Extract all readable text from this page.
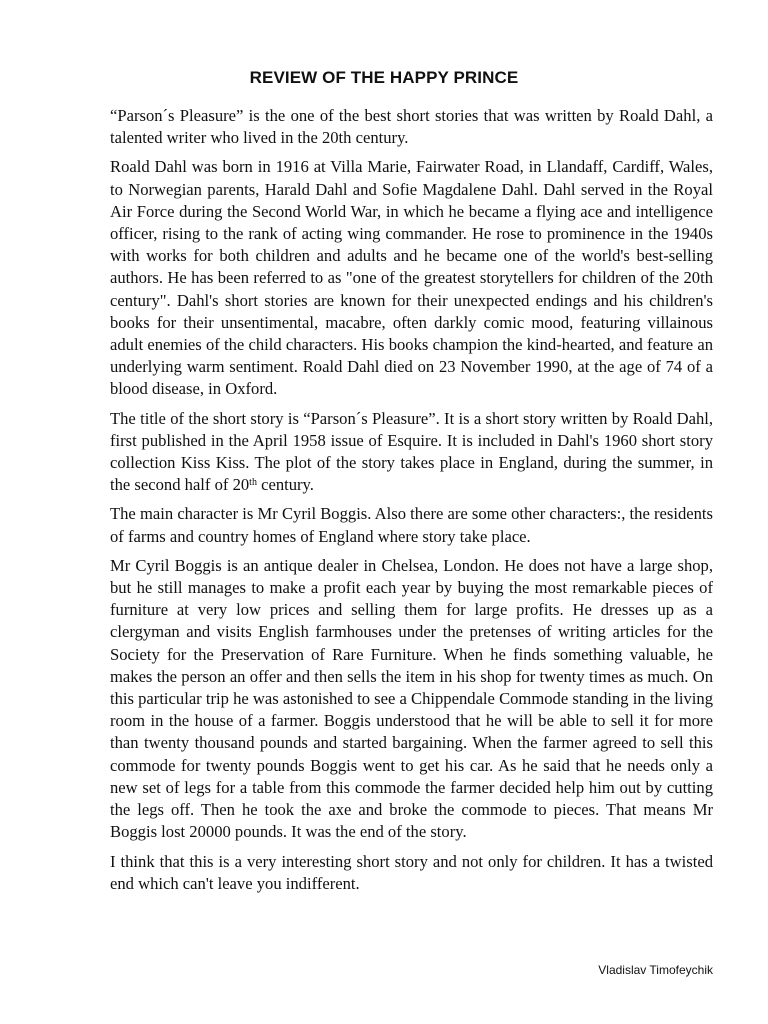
REVIEW OF THE HAPPY PRINCE

“Parson´s Pleasure” is the one of the best short stories that was written by Roald Dahl, a talented writer who lived in the 20th century.

Roald Dahl was born in 1916 at Villa Marie, Fairwater Road, in Llandaff, Cardiff, Wales, to Norwegian parents, Harald Dahl and Sofie Magdalene Dahl. Dahl served in the Royal Air Force during the Second World War, in which he became a flying ace and intelligence officer, rising to the rank of acting wing commander. He rose to prominence in the 1940s with works for both children and adults and he became one of the world's best-selling authors. He has been referred to as "one of the greatest storytellers for children of the 20th century". Dahl's short stories are known for their unexpected endings and his children's books for their unsentimental, macabre, often darkly comic mood, featuring villainous adult enemies of the child characters. His books champion the kind-hearted, and feature an underlying warm sentiment. Roald Dahl died on 23 November 1990, at the age of 74 of a blood disease, in Oxford.

The title of the short story is “Parson´s Pleasure”. It is a short story written by Roald Dahl, first published in the April 1958 issue of Esquire. It is included in Dahl's 1960 short story collection Kiss Kiss. The plot of the story takes place in England, during the summer, in the second half of 20th century.

The main character is Mr Cyril Boggis. Also there are some other characters:, the residents of farms and country homes of England where story take place.

Mr Cyril Boggis is an antique dealer in Chelsea, London. He does not have a large shop, but he still manages to make a profit each year by buying the most remarkable pieces of furniture at very low prices and selling them for large profits. He dresses up as a clergyman and visits English farmhouses under the pretenses of writing articles for the Society for the Preservation of Rare Furniture. When he finds something valuable, he makes the person an offer and then sells the item in his shop for twenty times as much. On this particular trip he was astonished to see a Chippendale Commode standing in the living room in the house of a farmer. Boggis understood that he will be able to sell it for more than twenty thousand pounds and started bargaining. When the farmer agreed to sell this commode for twenty pounds Boggis went to get his car. As he said that he needs only a new set of legs for a table from this commode the farmer decided help him out by cutting the legs off. Then he took the axe and broke the commode to pieces. That means Mr Boggis lost 20000 pounds. It was the end of the story.

I think that this is a very interesting short story and not only for children. It has a twisted end which can't leave you indifferent.

Vladislav Timofeychik
